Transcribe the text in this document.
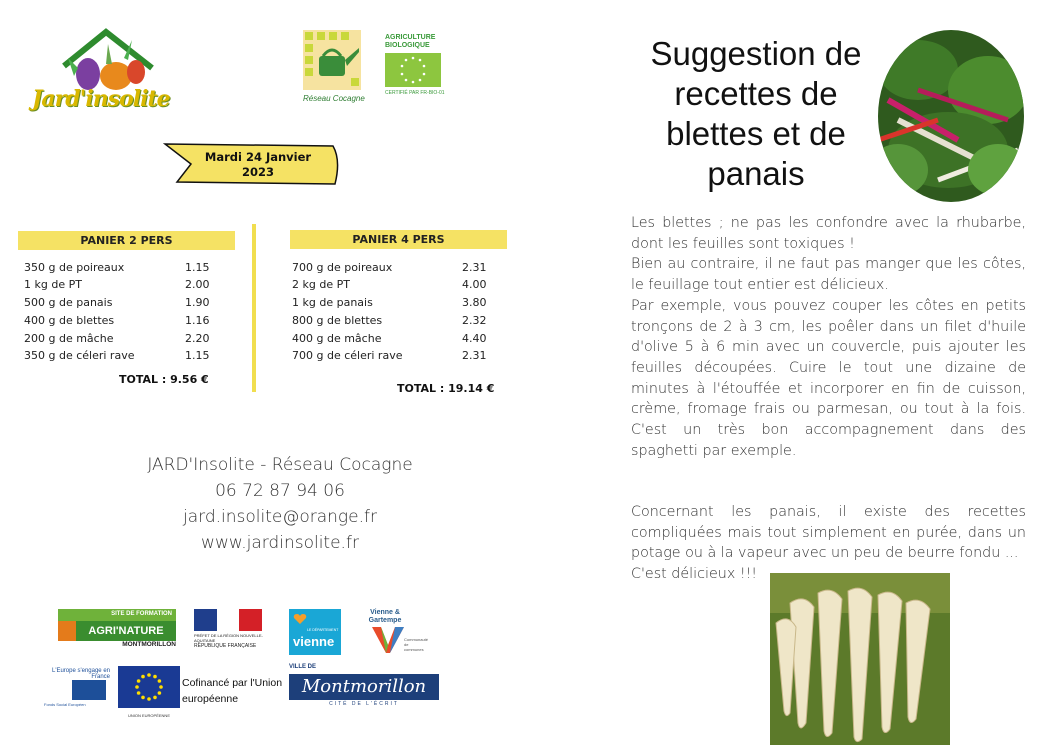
Jard'insolite	Réseau Cocagne
AGRICULTURE BIOLOGIQUE
CERTIFIÉ PAR FR-BIO-01
Mardi 24 Janvier
2023
PANIER 2 PERS
350 g de poireaux	1.15
1 kg de PT	2.00
500 g de panais	1.90
400 g de blettes	1.16
200 g de mâche	2.20
350 g de céleri rave	1.15
TOTAL : 9.56 €
PANIER 4 PERS
700 g de poireaux	2.31
2 kg de PT	4.00
1 kg de panais	3.80
800 g de blettes	2.32
400 g de mâche	4.40
700 g de céleri rave	2.31
TOTAL : 19.14 €
JARD'Insolite - Réseau Cocagne
06 72 87 94 06
jard.insolite@orange.fr
www.jardinsolite.fr
SITE DE FORMATION
AGRI'NATURE
MONTMORILLON
PRÉFET DE LA RÉGION NOUVELLE-AQUITAINE
RÉPUBLIQUE FRANÇAISE
LE DÉPARTEMENT
vienne
Vienne & Gartempe
Communauté de communes
L'Europe s'engage en France
Fonds Social Européen
UNION EUROPÉENNE
Cofinancé par l'Union européenne
VILLE DE
Montmorillon
CITÉ DE L'ÉCRIT
Suggestion de
recettes de
blettes et de
panais

Les blettes ; ne pas les confondre avec la rhubarbe, dont les feuilles sont toxiques !

Bien au contraire, il ne faut pas manger que les côtes, le feuillage tout entier est délicieux.

Par exemple, vous pouvez couper les côtes en petits tronçons de 2 à 3 cm, les poêler dans un filet d'huile d'olive 5 à 6 min avec un couvercle, puis ajouter les feuilles découpées. Cuire le tout une dizaine de minutes à l'étouffée et incorporer en fin de cuisson, crème, fromage frais ou parmesan, ou tout à la fois. C'est un très bon accompagnement dans des spaghetti par exemple.

Concernant les panais, il existe des recettes compliquées mais tout simplement en purée, dans un potage ou à la vapeur avec un peu de beurre fondu ...

C'est délicieux !!!
